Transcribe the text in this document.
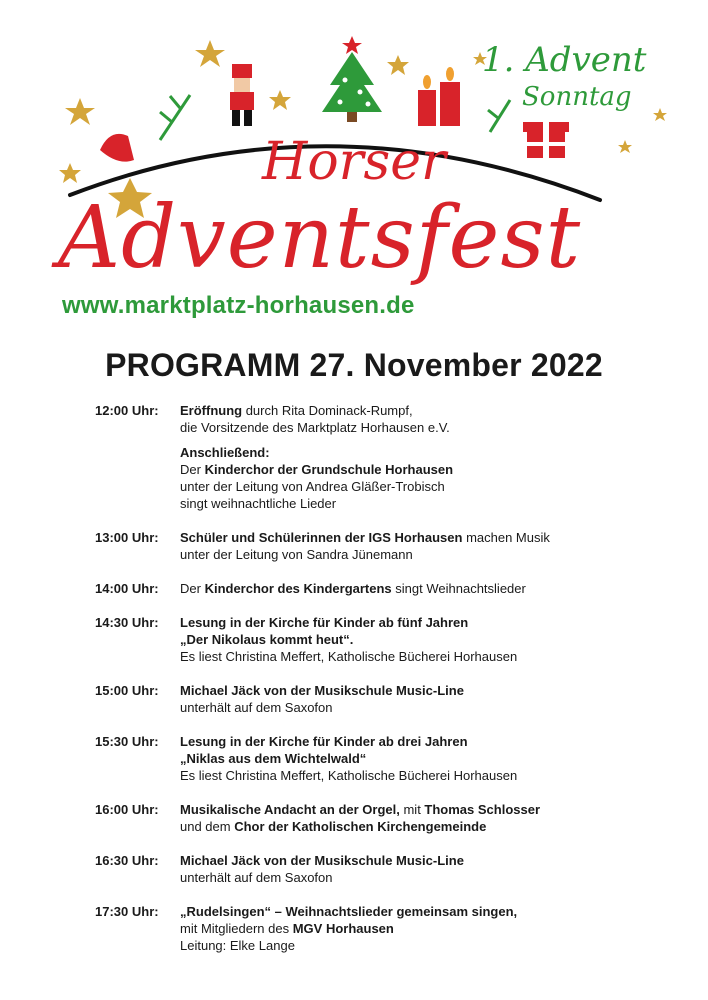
1. Advent
Sonntag
Horser
Adventsfest
www.marktplatz-horhausen.de
PROGRAMM 27. November 2022
12:00 Uhr:	Eröffnung durch Rita Dominack-Rumpf,
die Vorsitzende des Marktplatz Horhausen e.V.
Anschließend:
Der Kinderchor der Grundschule Horhausen
unter der Leitung von Andrea Gläßer-Trobisch
singt weihnachtliche Lieder
13:00 Uhr:	Schüler und Schülerinnen der IGS Horhausen machen Musik
unter der Leitung von Sandra Jünemann
14:00 Uhr:	Der Kinderchor des Kindergartens singt Weihnachtslieder
14:30 Uhr:	Lesung in der Kirche für Kinder ab fünf Jahren
„Der Nikolaus kommt heut“.
Es liest Christina Meffert, Katholische Bücherei Horhausen
15:00 Uhr:	Michael Jäck von der Musikschule Music-Line
unterhält auf dem Saxofon
15:30 Uhr:	Lesung in der Kirche für Kinder ab drei Jahren
„Niklas aus dem Wichtelwald“
Es liest Christina Meffert, Katholische Bücherei Horhausen
16:00 Uhr:	Musikalische Andacht an der Orgel, mit Thomas Schlosser
und dem Chor der Katholischen Kirchengemeinde
16:30 Uhr:	Michael Jäck von der Musikschule Music-Line
unterhält auf dem Saxofon
17:30 Uhr:	„Rudelsingen“ – Weihnachtslieder gemeinsam singen,
mit Mitgliedern des MGV Horhausen
Leitung: Elke Lange
